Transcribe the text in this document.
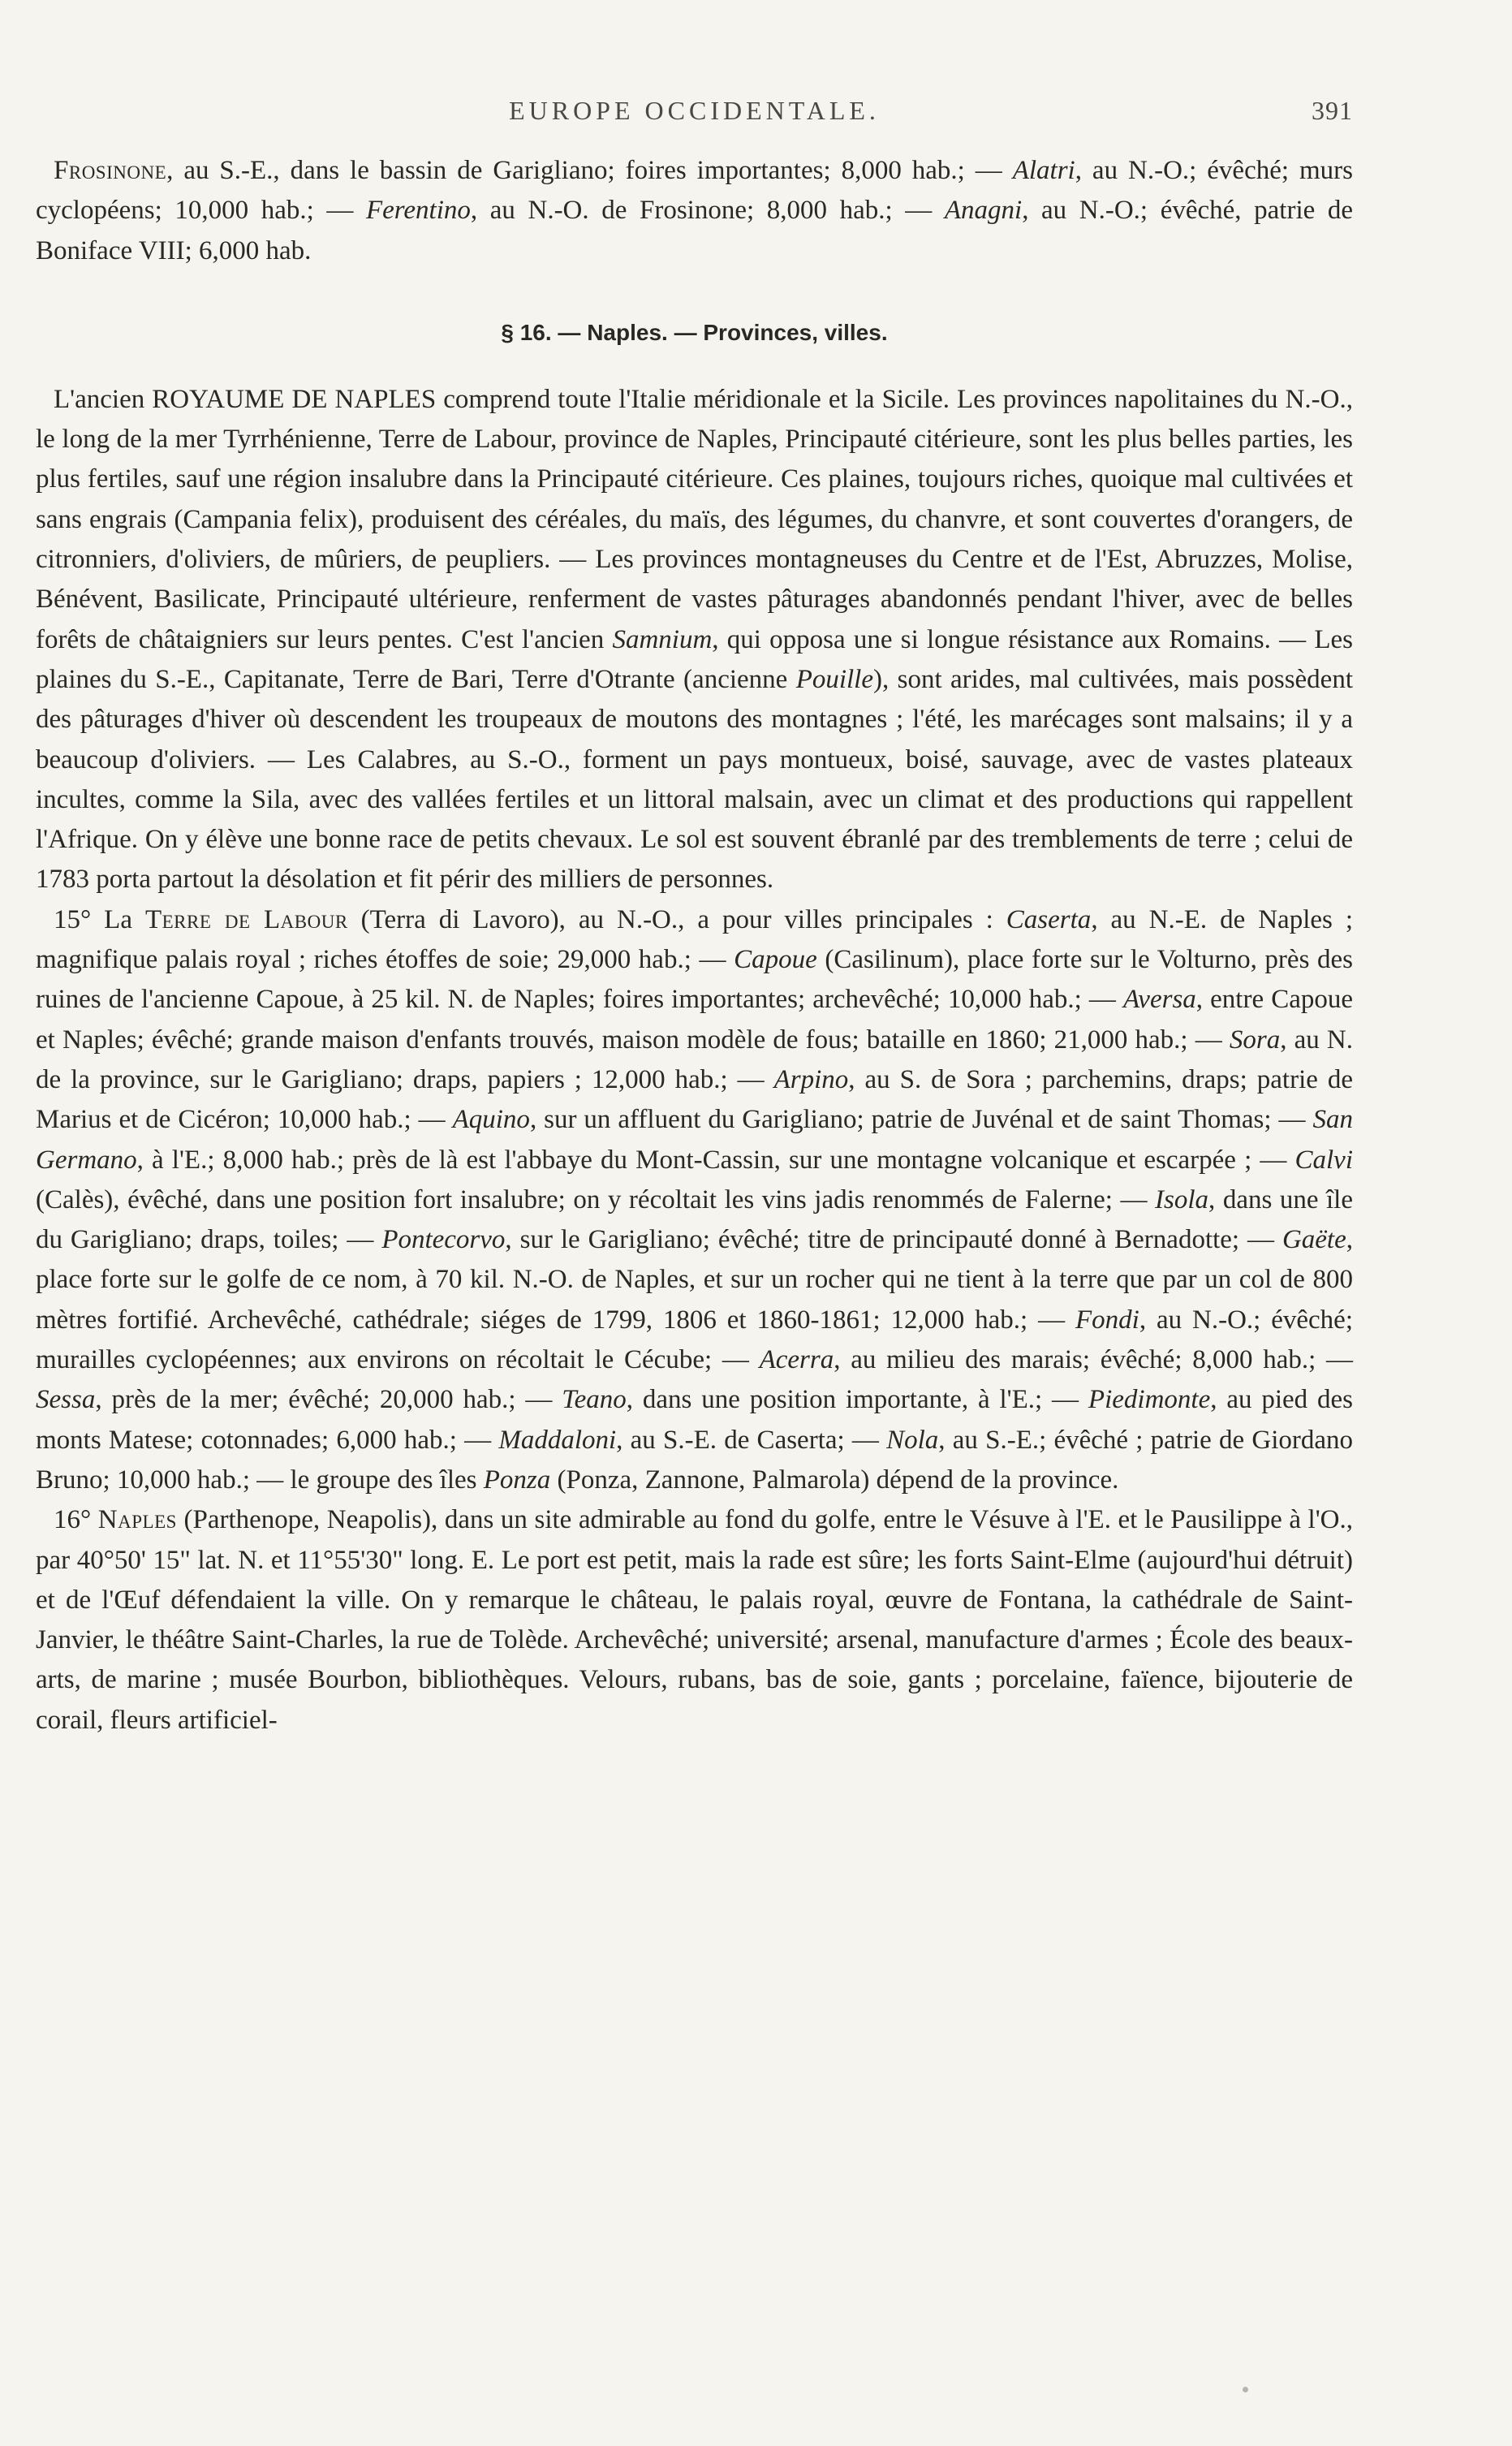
EUROPE OCCIDENTALE.	391

Frosinone, au S.-E., dans le bassin de Garigliano; foires importantes; 8,000 hab.; — Alatri, au N.-O.; évêché; murs cyclopéens; 10,000 hab.; — Ferentino, au N.-O. de Frosinone; 8,000 hab.; — Anagni, au N.-O.; évêché, patrie de Boniface VIII; 6,000 hab.

§ 16. — Naples. — Provinces, villes.

L'ancien ROYAUME DE NAPLES comprend toute l'Italie méridionale et la Sicile. Les provinces napolitaines du N.-O., le long de la mer Tyrrhénienne, Terre de Labour, province de Naples, Principauté citérieure, sont les plus belles parties, les plus fertiles, sauf une région insalubre dans la Principauté citérieure. Ces plaines, toujours riches, quoique mal cultivées et sans engrais (Campania felix), produisent des céréales, du maïs, des légumes, du chanvre, et sont couvertes d'orangers, de citronniers, d'oliviers, de mûriers, de peupliers. — Les provinces montagneuses du Centre et de l'Est, Abruzzes, Molise, Bénévent, Basilicate, Principauté ultérieure, renferment de vastes pâturages abandonnés pendant l'hiver, avec de belles forêts de châtaigniers sur leurs pentes. C'est l'ancien Samnium, qui opposa une si longue résistance aux Romains. — Les plaines du S.-E., Capitanate, Terre de Bari, Terre d'Otrante (ancienne Pouille), sont arides, mal cultivées, mais possèdent des pâturages d'hiver où descendent les troupeaux de moutons des montagnes ; l'été, les marécages sont malsains; il y a beaucoup d'oliviers. — Les Calabres, au S.-O., forment un pays montueux, boisé, sauvage, avec de vastes plateaux incultes, comme la Sila, avec des vallées fertiles et un littoral malsain, avec un climat et des productions qui rappellent l'Afrique. On y élève une bonne race de petits chevaux. Le sol est souvent ébranlé par des tremblements de terre ; celui de 1783 porta partout la désolation et fit périr des milliers de personnes.

15° La Terre de Labour (Terra di Lavoro), au N.-O., a pour villes principales : Caserta, au N.-E. de Naples ; magnifique palais royal ; riches étoffes de soie; 29,000 hab.; — Capoue (Casilinum), place forte sur le Volturno, près des ruines de l'ancienne Capoue, à 25 kil. N. de Naples; foires importantes; archevêché; 10,000 hab.; — Aversa, entre Capoue et Naples; évêché; grande maison d'enfants trouvés, maison modèle de fous; bataille en 1860; 21,000 hab.; — Sora, au N. de la province, sur le Garigliano; draps, papiers ; 12,000 hab.; — Arpino, au S. de Sora ; parchemins, draps; patrie de Marius et de Cicéron; 10,000 hab.; — Aquino, sur un affluent du Garigliano; patrie de Juvénal et de saint Thomas; — San Germano, à l'E.; 8,000 hab.; près de là est l'abbaye du Mont-Cassin, sur une montagne volcanique et escarpée ; — Calvi (Calès), évêché, dans une position fort insalubre; on y récoltait les vins jadis renommés de Falerne; — Isola, dans une île du Garigliano; draps, toiles; — Pontecorvo, sur le Garigliano; évêché; titre de principauté donné à Bernadotte; — Gaëte, place forte sur le golfe de ce nom, à 70 kil. N.-O. de Naples, et sur un rocher qui ne tient à la terre que par un col de 800 mètres fortifié. Archevêché, cathédrale; siéges de 1799, 1806 et 1860-1861; 12,000 hab.; — Fondi, au N.-O.; évêché; murailles cyclopéennes; aux environs on récoltait le Cécube; — Acerra, au milieu des marais; évêché; 8,000 hab.; — Sessa, près de la mer; évêché; 20,000 hab.; — Teano, dans une position importante, à l'E.; — Piedimonte, au pied des monts Matese; cotonnades; 6,000 hab.; — Maddaloni, au S.-E. de Caserta; — Nola, au S.-E.; évêché ; patrie de Giordano Bruno; 10,000 hab.; — le groupe des îles Ponza (Ponza, Zannone, Palmarola) dépend de la province.

16° Naples (Parthenope, Neapolis), dans un site admirable au fond du golfe, entre le Vésuve à l'E. et le Pausilippe à l'O., par 40°50' 15" lat. N. et 11°55'30" long. E. Le port est petit, mais la rade est sûre; les forts Saint-Elme (aujourd'hui détruit) et de l'Œuf défendaient la ville. On y remarque le château, le palais royal, œuvre de Fontana, la cathédrale de Saint-Janvier, le théâtre Saint-Charles, la rue de Tolède. Archevêché; université; arsenal, manufacture d'armes ; École des beaux-arts, de marine ; musée Bourbon, bibliothèques. Velours, rubans, bas de soie, gants ; porcelaine, faïence, bijouterie de corail, fleurs artificiel-
